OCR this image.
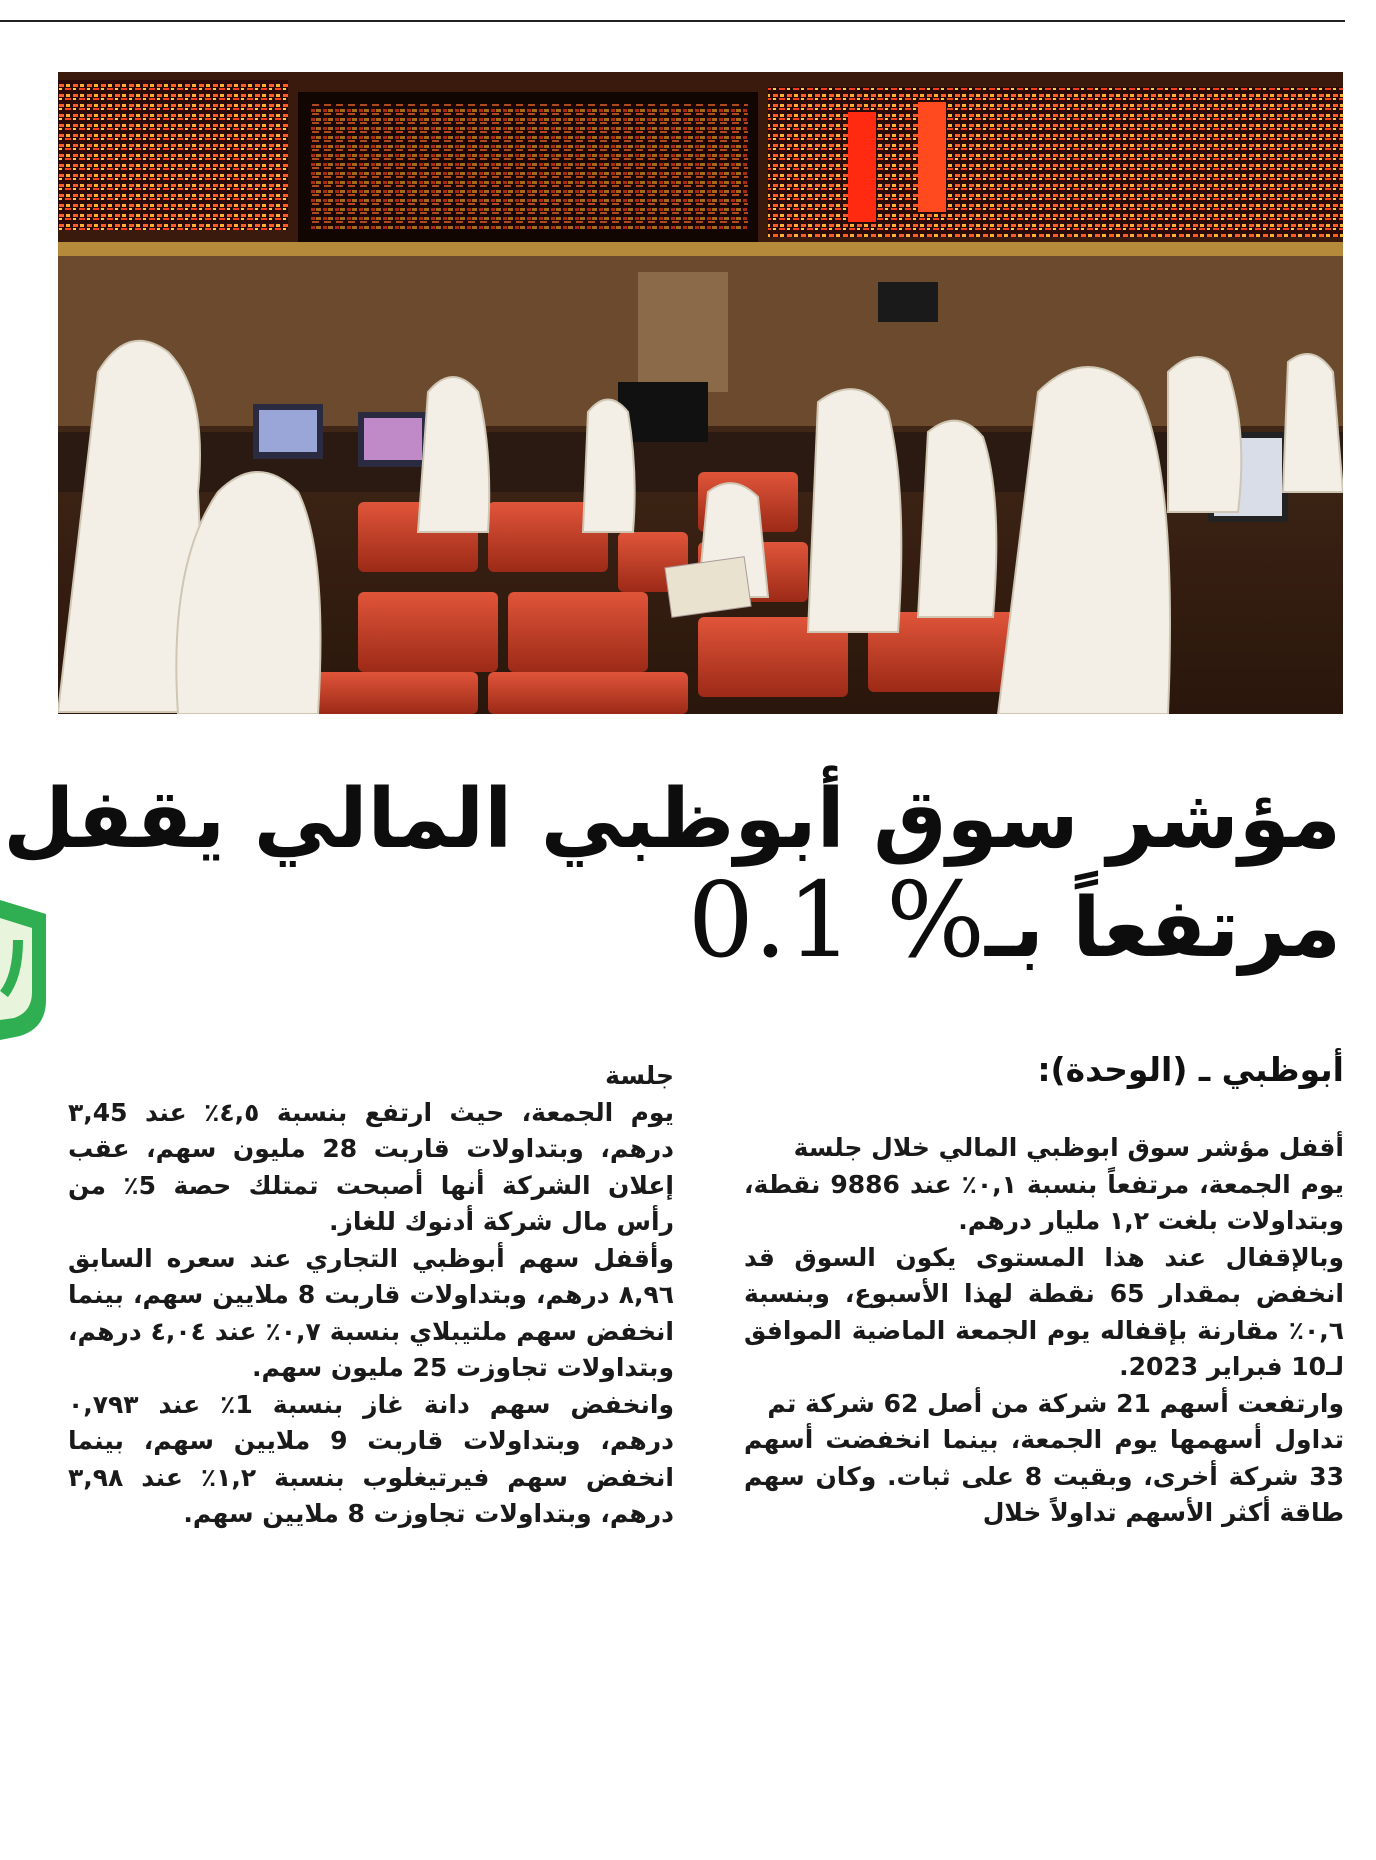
مؤشر سوق أبوظبي المالي يقفل
مرتفعاً بـ0.1 %
أبوظبي ـ (الوحدة):

أقفل مؤشر سوق ابوظبي المالي خلال جلسة

يوم الجمعة، مرتفعاً بنسبة ٠,١٪ عند 9886 نقطة، وبتداولات بلغت ١,٢ مليار درهم.

وبالإقفال عند هذا المستوى يكون السوق قد انخفض بمقدار 65 نقطة لهذا الأسبوع، وبنسبة ٠,٦٪ مقارنة بإقفاله يوم الجمعة الماضية الموافق لـ10 فبراير 2023.

وارتفعت أسهم 21 شركة من أصل 62 شركة تم

تداول أسهمها يوم الجمعة، بينما انخفضت أسهم 33 شركة أخرى، وبقيت 8 على ثبات. وكان سهم طاقة أكثر الأسهم تداولاً خلال

جلسة

يوم الجمعة، حيث ارتفع بنسبة ٤,٥٪ عند ٣,45 درهم، وبتداولات قاربت 28 مليون سهم، عقب إعلان الشركة أنها أصبحت تمتلك حصة 5٪ من رأس مال شركة أدنوك للغاز.

وأقفل سهم أبوظبي التجاري عند سعره السابق ٨,٩٦ درهم، وبتداولات قاربت 8 ملايين سهم، بينما انخفض سهم ملتيبلاي بنسبة ٠,٧٪ عند ٤,٠٤ درهم، وبتداولات تجاوزت 25 مليون سهم.

وانخفض سهم دانة غاز بنسبة 1٪ عند ٠,٧٩٣ درهم، وبتداولات قاربت 9 ملايين سهم، بينما انخفض سهم فيرتيغلوب بنسبة ١,٢٪ عند ٣,٩٨ درهم، وبتداولات تجاوزت 8 ملايين سهم.
